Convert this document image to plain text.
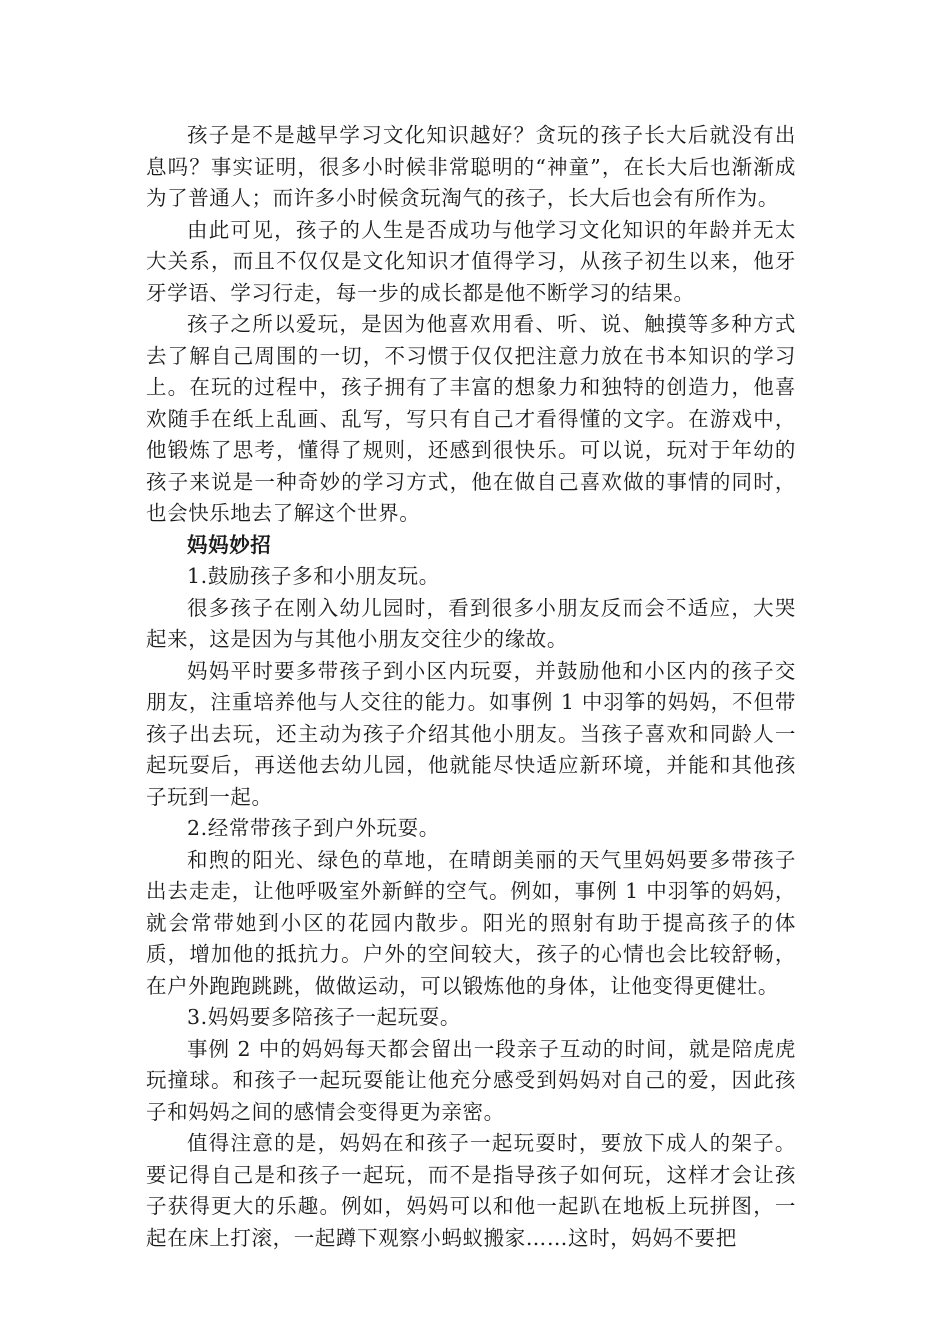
孩子是不是越早学习文化知识越好？贪玩的孩子长大后就没有出息吗？事实证明，很多小时候非常聪明的“神童”，在长大后也渐渐成为了普通人；而许多小时候贪玩淘气的孩子，长大后也会有所作为。

由此可见，孩子的人生是否成功与他学习文化知识的年龄并无太大关系，而且不仅仅是文化知识才值得学习，从孩子初生以来，他牙牙学语、学习行走，每一步的成长都是他不断学习的结果。

孩子之所以爱玩，是因为他喜欢用看、听、说、触摸等多种方式去了解自己周围的一切，不习惯于仅仅把注意力放在书本知识的学习上。在玩的过程中，孩子拥有了丰富的想象力和独特的创造力，他喜欢随手在纸上乱画、乱写，写只有自己才看得懂的文字。在游戏中，他锻炼了思考，懂得了规则，还感到很快乐。可以说，玩对于年幼的孩子来说是一种奇妙的学习方式，他在做自己喜欢做的事情的同时，也会快乐地去了解这个世界。

妈妈妙招

1.鼓励孩子多和小朋友玩。

很多孩子在刚入幼儿园时，看到很多小朋友反而会不适应，大哭起来，这是因为与其他小朋友交往少的缘故。

妈妈平时要多带孩子到小区内玩耍，并鼓励他和小区内的孩子交朋友，注重培养他与人交往的能力。如事例 1 中羽筝的妈妈，不但带孩子出去玩，还主动为孩子介绍其他小朋友。当孩子喜欢和同龄人一起玩耍后，再送他去幼儿园，他就能尽快适应新环境，并能和其他孩子玩到一起。

2.经常带孩子到户外玩耍。

和煦的阳光、绿色的草地，在晴朗美丽的天气里妈妈要多带孩子出去走走，让他呼吸室外新鲜的空气。例如，事例 1 中羽筝的妈妈，就会常带她到小区的花园内散步。阳光的照射有助于提高孩子的体质，增加他的抵抗力。户外的空间较大，孩子的心情也会比较舒畅，在户外跑跑跳跳，做做运动，可以锻炼他的身体，让他变得更健壮。

3.妈妈要多陪孩子一起玩耍。

事例 2 中的妈妈每天都会留出一段亲子互动的时间，就是陪虎虎玩撞球。和孩子一起玩耍能让他充分感受到妈妈对自己的爱，因此孩子和妈妈之间的感情会变得更为亲密。

值得注意的是，妈妈在和孩子一起玩耍时，要放下成人的架子。要记得自己是和孩子一起玩，而不是指导孩子如何玩，这样才会让孩子获得更大的乐趣。例如，妈妈可以和他一起趴在地板上玩拼图，一起在床上打滚，一起蹲下观察小蚂蚁搬家……这时，妈妈不要把
